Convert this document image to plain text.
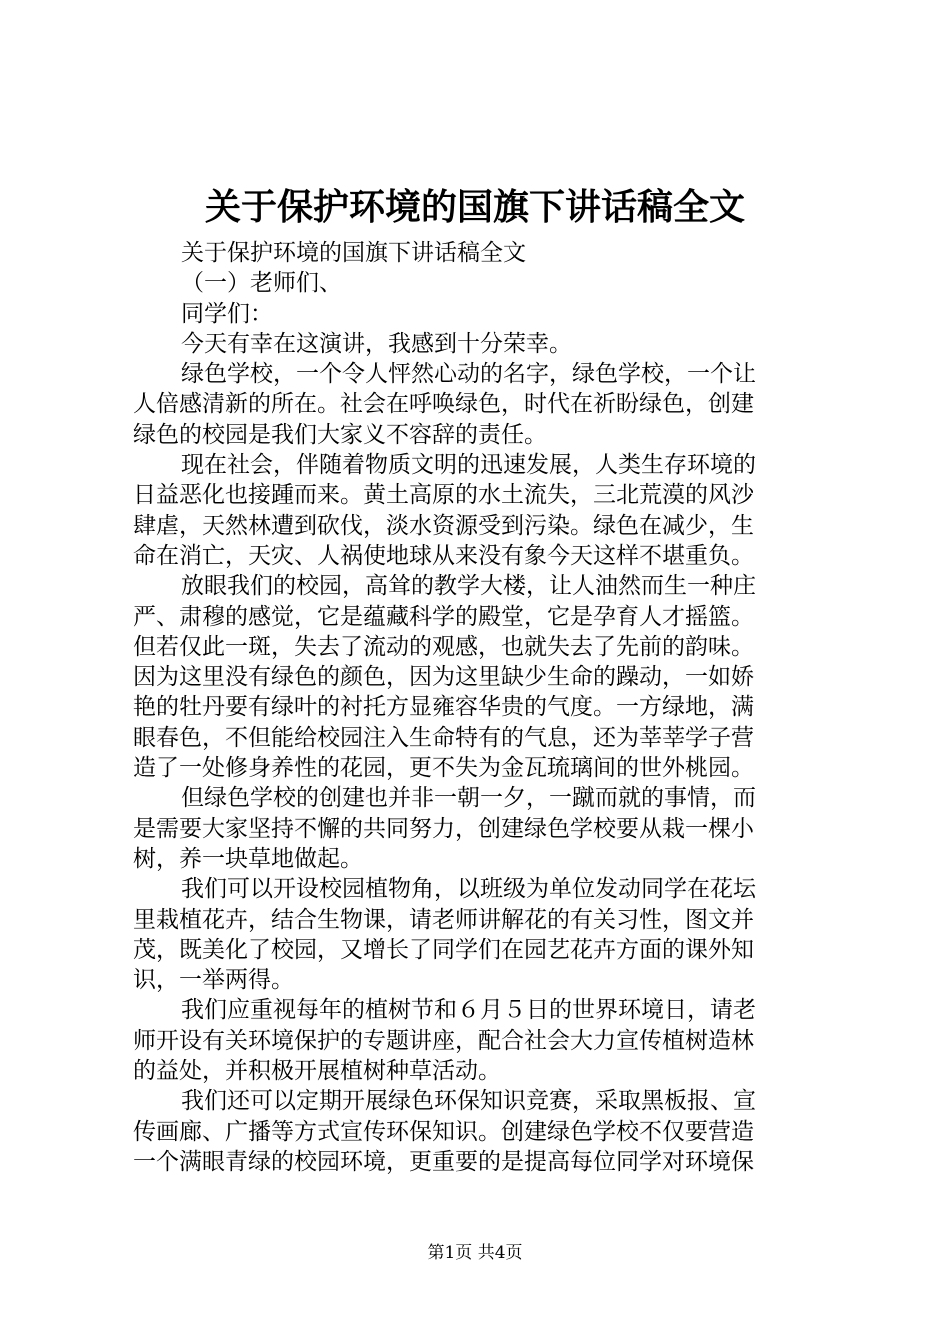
关于保护环境的国旗下讲话稿全文
关于保护环境的国旗下讲话稿全文
（一）老师们、
同学们：
今天有幸在这演讲，我感到十分荣幸。
绿色学校，一个令人怦然心动的名字，绿色学校，一个让
人倍感清新的所在。社会在呼唤绿色，时代在祈盼绿色，创建
绿色的校园是我们大家义不容辞的责任。
现在社会，伴随着物质文明的迅速发展，人类生存环境的
日益恶化也接踵而来。黄土高原的水土流失，三北荒漠的风沙
肆虐，天然林遭到砍伐，淡水资源受到污染。绿色在减少，生
命在消亡，天灾、人祸使地球从来没有象今天这样不堪重负。
放眼我们的校园，高耸的教学大楼，让人油然而生一种庄
严、肃穆的感觉，它是蕴藏科学的殿堂，它是孕育人才摇篮。
但若仅此一斑，失去了流动的观感，也就失去了先前的韵味。
因为这里没有绿色的颜色，因为这里缺少生命的躁动，一如娇
艳的牡丹要有绿叶的衬托方显雍容华贵的气度。一方绿地，满
眼春色，不但能给校园注入生命特有的气息，还为莘莘学子营
造了一处修身养性的花园，更不失为金瓦琉璃间的世外桃园。
但绿色学校的创建也并非一朝一夕，一蹴而就的事情，而
是需要大家坚持不懈的共同努力，创建绿色学校要从栽一棵小
树，养一块草地做起。
我们可以开设校园植物角，以班级为单位发动同学在花坛
里栽植花卉，结合生物课，请老师讲解花的有关习性，图文并
茂，既美化了校园，又增长了同学们在园艺花卉方面的课外知
识，一举两得。
我们应重视每年的植树节和６月５日的世界环境日，请老
师开设有关环境保护的专题讲座，配合社会大力宣传植树造林
的益处，并积极开展植树种草活动。
我们还可以定期开展绿色环保知识竞赛，采取黑板报、宣
传画廊、广播等方式宣传环保知识。创建绿色学校不仅要营造
一个满眼青绿的校园环境，更重要的是提高每位同学对环境保
第1页 共4页
